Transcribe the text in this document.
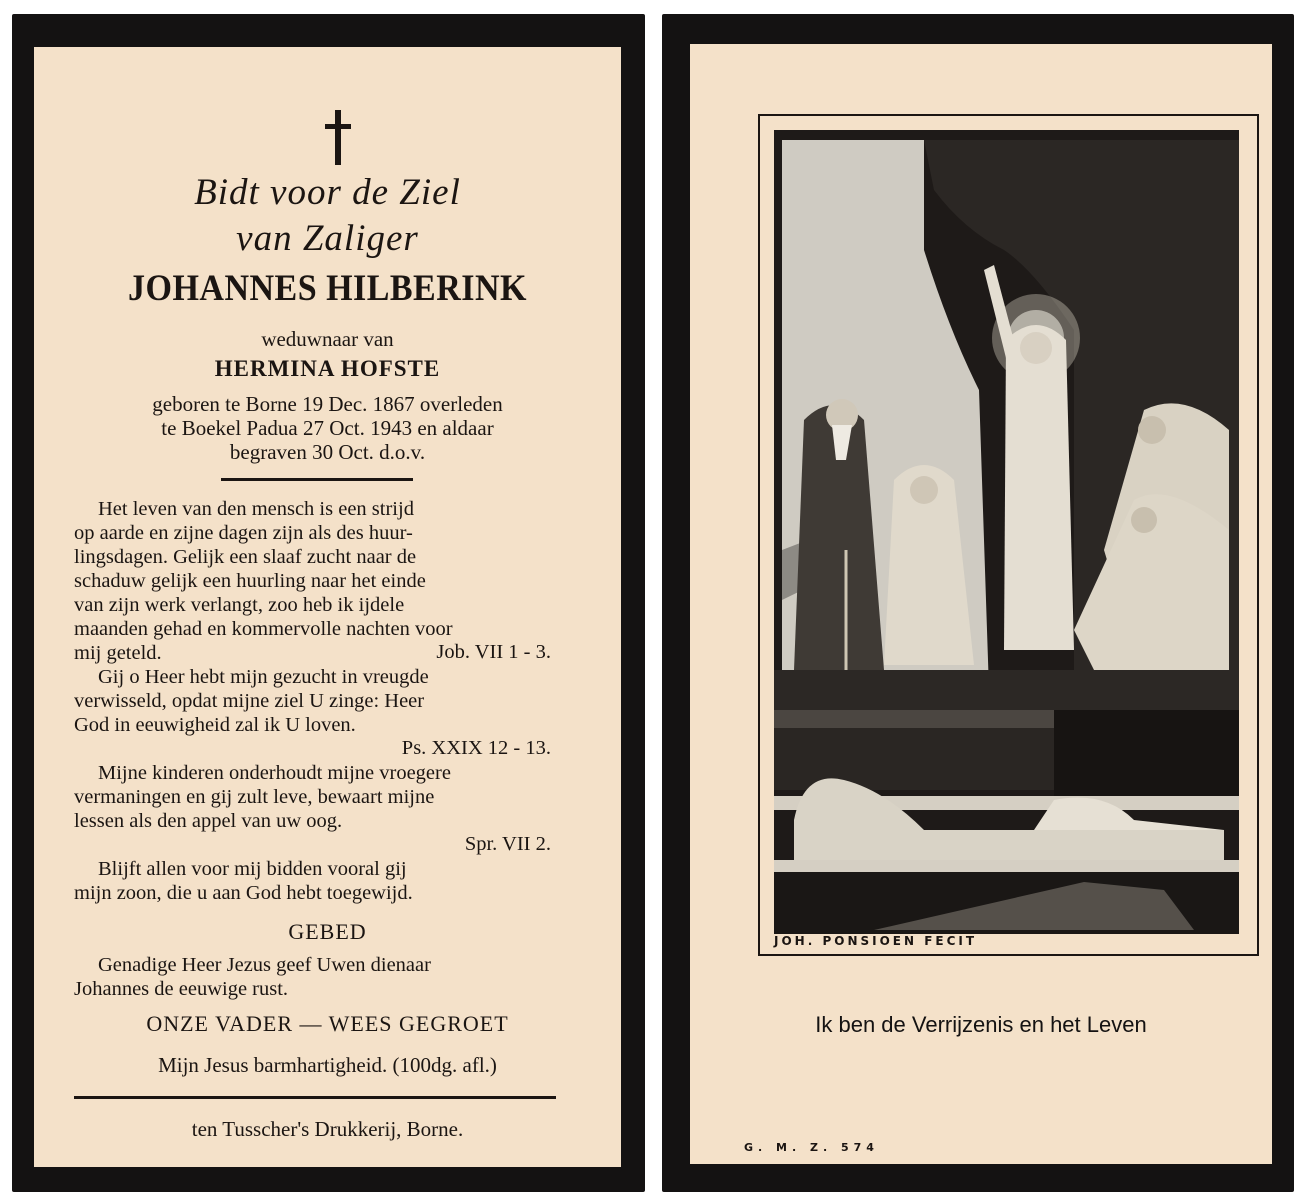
Bidt voor de Ziel
van Zaliger
JOHANNES HILBERINK
weduwnaar van
HERMINA HOFSTE
geboren te Borne 19 Dec. 1867 overleden
te Boekel Padua 27 Oct. 1943 en aldaar
begraven 30 Oct. d.o.v.
Het leven van den mensch is een strijd
op aarde en zijne dagen zijn als des huur-
lingsdagen. Gelijk een slaaf zucht naar de
schaduw gelijk een huurling naar het einde
van zijn werk verlangt, zoo heb ik ijdele
maanden gehad en kommervolle nachten voor
mij geteld.	Job. VII 1 - 3.
Gij o Heer hebt mijn gezucht in vreugde
verwisseld, opdat mijne ziel U zinge: Heer
God in eeuwigheid zal ik U loven.
Ps. XXIX 12 - 13.
Mijne kinderen onderhoudt mijne vroegere
vermaningen en gij zult leve, bewaart mijne
lessen als den appel van uw oog.
Spr. VII 2.
Blijft allen voor mij bidden vooral gij
mijn zoon, die u aan God hebt toegewijd.
GEBED
Genadige Heer Jezus geef Uwen dienaar
Johannes de eeuwige rust.
ONZE VADER — WEES GEGROET
Mijn Jesus barmhartigheid. (100dg. afl.)
ten Tusscher's Drukkerij, Borne.
JOH. PONSIOEN FECIT
Ik ben de Verrijzenis en het Leven
G. M. Z. 574
